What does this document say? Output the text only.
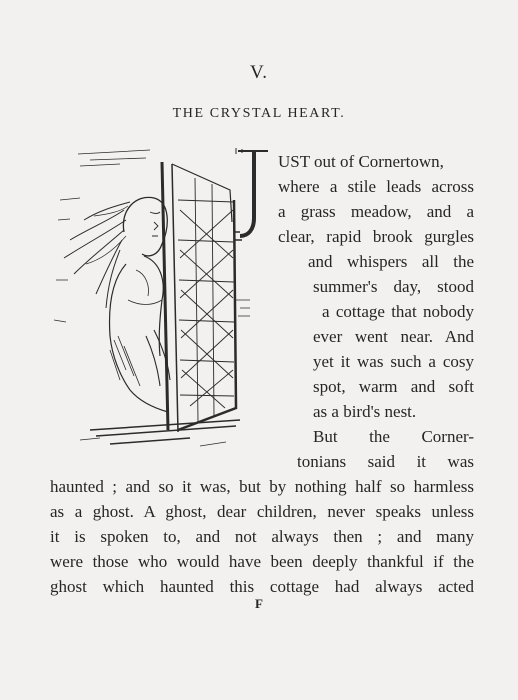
V.
THE CRYSTAL HEART.
UST out of Cornertown,
where a stile leads across
a grass meadow, and a
clear, rapid brook gurgles
and whispers all the
summer's day, stood
a cottage that nobody
ever went near. And
yet it was such a cosy
spot, warm and soft
as a bird's nest.
But the Corner-
tonians said it was
haunted ; and so it was, but by nothing half so harmless
as a ghost. A ghost, dear children, never speaks unless
it is spoken to, and not always then ; and many
were those who would have been deeply thankful if the
ghost which haunted this cottage had always acted
F
